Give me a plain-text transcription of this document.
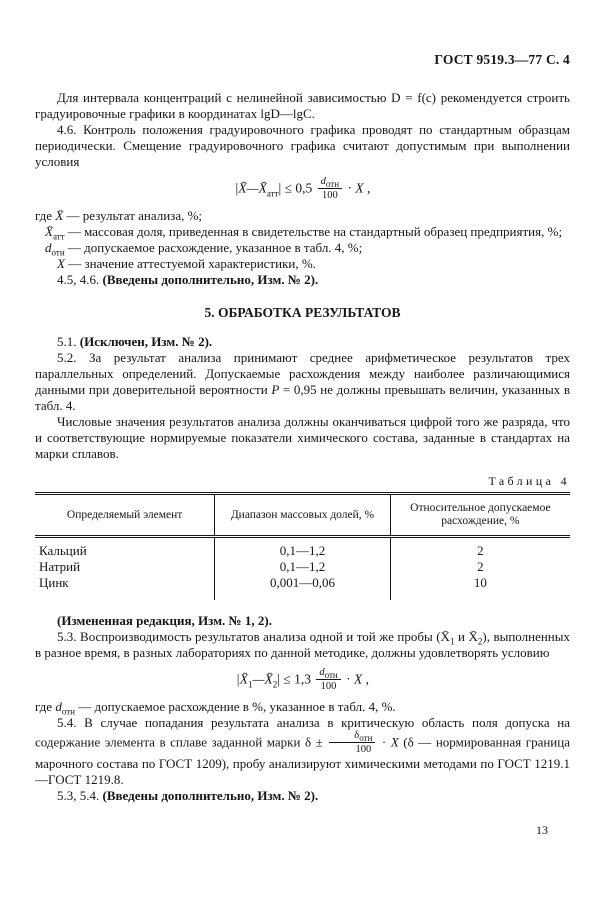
ГОСТ 9519.3—77 С. 4

Для интервала концентраций с нелинейной зависимостью D = f(c) рекомендуется строить градуировочные графики в координатах lgD—lgC.

4.6. Контроль положения градуировочного графика проводят по стандартным образцам периодически. Смещение градуировочного графика считают допустимым при выполнении условия

$|X̄—X̄_{атт}| \le 0,5 \frac{d_{отн}}{100} \cdot X$ ,
где X̄ — результат анализа, %;
$X̄_{атт}$ — массовая доля, приведенная в свидетельстве на стандартный образец предприятия, %;
$d_{отн}$ — допускаемое расхождение, указанное в табл. 4, %;
X — значение аттестуемой характеристики, %.

4.5, 4.6. (Введены дополнительно, Изм. № 2).

5. ОБРАБОТКА РЕЗУЛЬТАТОВ

5.1. (Исключен, Изм. № 2).

5.2. За результат анализа принимают среднее арифметическое результатов трех параллельных определений. Допускаемые расхождения между наиболее различающимися данными при доверительной вероятности P = 0,95 не должны превышать величин, указанных в табл. 4.

Числовые значения результатов анализа должны оканчиваться цифрой того же разряда, что и соответствующие нормируемые показатели химического состава, заданные в стандартах на марки сплавов.

Таблица 4
Определяемый элемент	Диапазон массовых долей, %	Относительное допускаемое расхождение, %
Кальций	0,1—1,2	2
Натрий	0,1—1,2	2
Цинк	0,001—0,06	10

(Измененная редакция, Изм. № 1, 2).

5.3. Воспроизводимость результатов анализа одной и той же пробы ($X̄_1$ и $X̄_2$), выполненных в разное время, в разных лабораториях по данной методике, должны удовлетворять условию

$|X̄_1—X̄_2| \le 1,3 \frac{d_{отн}}{100} \cdot X$ ,
где $d_{отн}$ — допускаемое расхождение в %, указанное в табл. 4, %.

5.4. В случае попадания результата анализа в критическую область поля допуска на содержание элемента в сплаве заданной марки $\delta \pm \frac{\delta_{отн}}{100} \cdot X$ (δ — нормированная граница марочного состава по ГОСТ 1209), пробу анализируют химическими методами по ГОСТ 1219.1—ГОСТ 1219.8.

5.3, 5.4. (Введены дополнительно, Изм. № 2).

13
